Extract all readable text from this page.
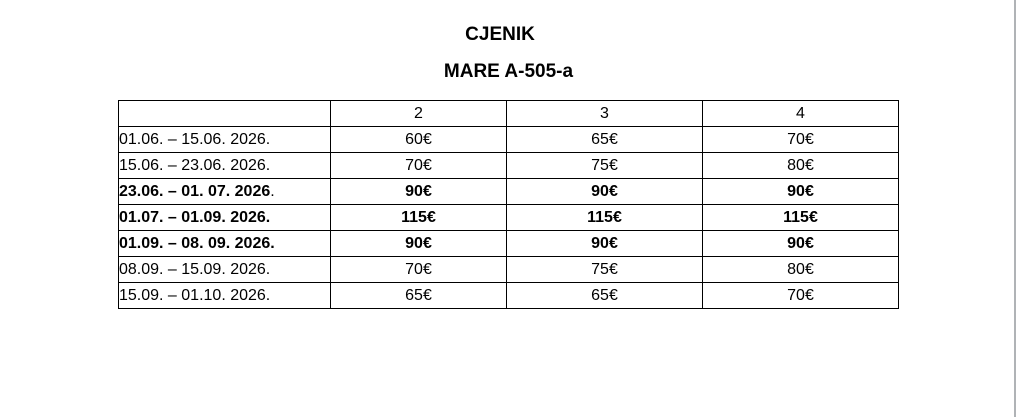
CJENIK
MARE A-505-a
	2	3	4
01.06. – 15.06. 2026.	60€	65€	70€
15.06. – 23.06. 2026.	70€	75€	80€
23.06. – 01. 07. 2026.	90€	90€	90€
01.07. – 01.09. 2026.	115€	115€	115€
01.09. – 08. 09. 2026.	90€	90€	90€
08.09. – 15.09. 2026.	70€	75€	80€
15.09. – 01.10. 2026.	65€	65€	70€
